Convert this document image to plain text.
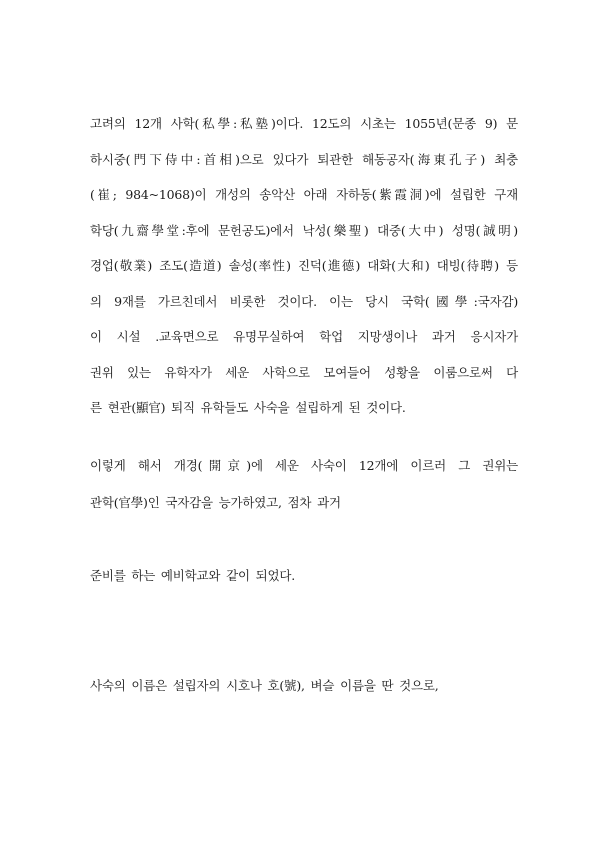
고려의 12개 사학(私學:私塾)이다. 12도의 시초는 1055년(문종 9) 문
하시중(門下侍中:首相)으로 있다가 퇴관한 해동공자(海東孔子) 최충
(崔; 984~1068)이 개성의 송악산 아래 자하동(紫霞洞)에 설립한 구재
학당(九齋學堂:후에 문헌공도)에서 낙성(樂聖) 대중(大中) 성명(誠明)
경업(敬業) 조도(造道) 솔성(率性) 진덕(進德) 대화(大和) 대빙(待聘) 등
의 9재를 가르친데서 비롯한 것이다. 이는 당시 국학(國學:국자감)
이 시설 .교육면으로 유명무실하여 학업 지망생이나 과거 응시자가
권위 있는 유학자가 세운 사학으로 모여들어 성황을 이룸으로써 다
른 현관(顯官) 퇴직 유학들도 사숙을 설립하게 된 것이다.
이렇게 해서 개경(開京)에 세운 사숙이 12개에 이르러 그 권위는
관학(官學)인 국자감을 능가하였고, 점차 과거
준비를 하는 예비학교와 같이 되었다.
사숙의 이름은 설립자의 시호나 호(號), 벼슬 이름을 딴 것으로,
